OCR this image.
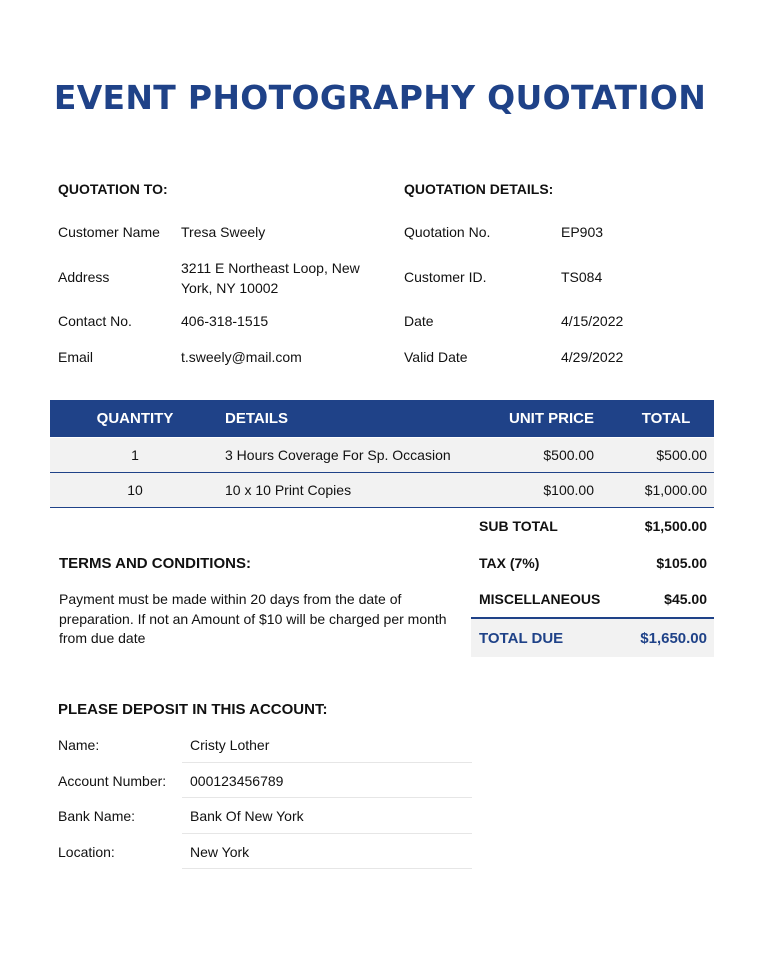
EVENT PHOTOGRAPHY QUOTATION
QUOTATION TO:
Customer Name Tresa Sweely
Address
3211 E Northeast Loop, New York, NY 10002
Contact No.	406-318-1515
Email	t.sweely@mail.com
QUOTATION DETAILS:
Quotation No.	EP903
Customer ID.	TS084
Date	4/15/2022
Valid Date	4/29/2022
QUANTITY	DETAILS	UNIT PRICE	TOTAL
1	3 Hours Coverage For Sp. Occasion	$500.00	$500.00
10	10 x 10 Print Copies	$100.00	$1,000.00
SUB TOTAL	$1,500.00
TAX (7%)	$105.00
MISCELLANEOUS	$45.00
TOTAL DUE	$1,650.00
TERMS AND CONDITIONS:
Payment must be made within 20 days from the date of preparation. If not an Amount of $10 will be charged per month from due date
PLEASE DEPOSIT IN THIS ACCOUNT:
Name:	Cristy Lother
Account Number: 000123456789
Bank Name:	Bank Of New York
Location:	New York
